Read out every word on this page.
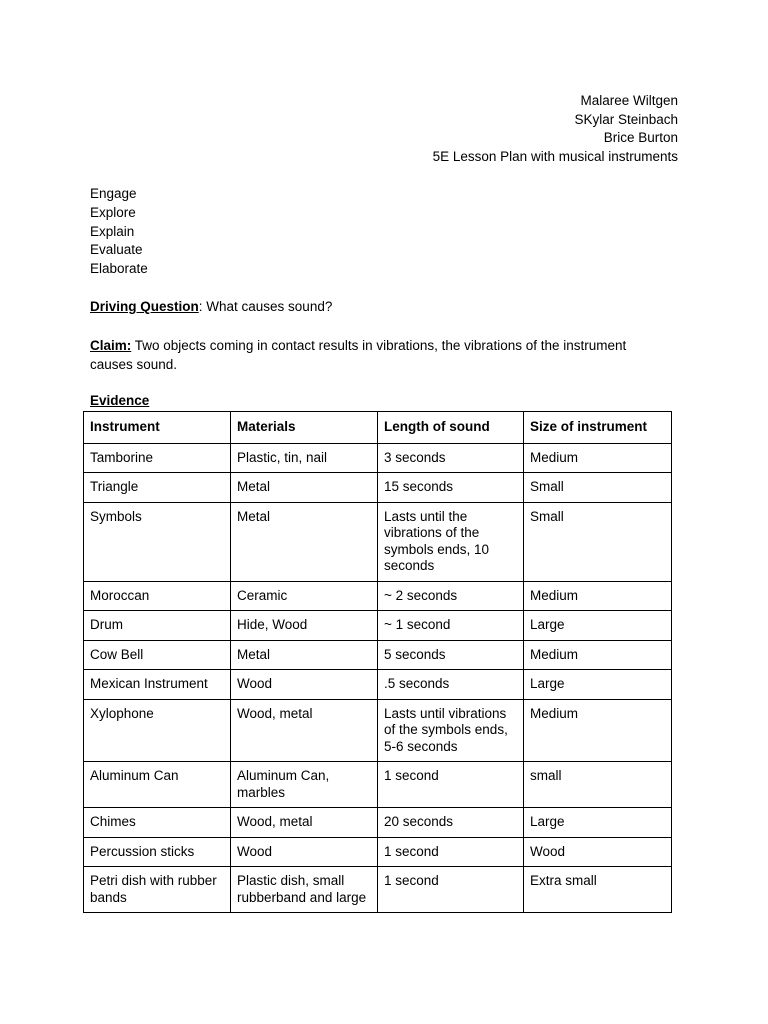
Malaree Wiltgen
SKylar Steinbach
Brice Burton
5E Lesson Plan with musical instruments
Engage
Explore
Explain
Evaluate
Elaborate
Driving Question: What causes sound?
Claim: Two objects coming in contact results in vibrations, the vibrations of the instrument causes sound.
Evidence
Instrument	Materials	Length of sound	Size of instrument
Tamborine	Plastic, tin, nail	3 seconds	Medium
Triangle	Metal	15 seconds	Small
Symbols	Metal	Lasts until the vibrations of the symbols ends, 10 seconds	Small
Moroccan	Ceramic	~ 2 seconds	Medium
Drum	Hide, Wood	~ 1 second	Large
Cow Bell	Metal	5 seconds	Medium
Mexican Instrument	Wood	.5 seconds	Large
Xylophone	Wood, metal	Lasts until vibrations of the symbols ends, 5-6 seconds	Medium
Aluminum Can	Aluminum Can, marbles	1 second	small
Chimes	Wood, metal	20 seconds	Large
Percussion sticks	Wood	1 second	Wood
Petri dish with rubber bands	Plastic dish, small rubberband and large	1 second	Extra small
